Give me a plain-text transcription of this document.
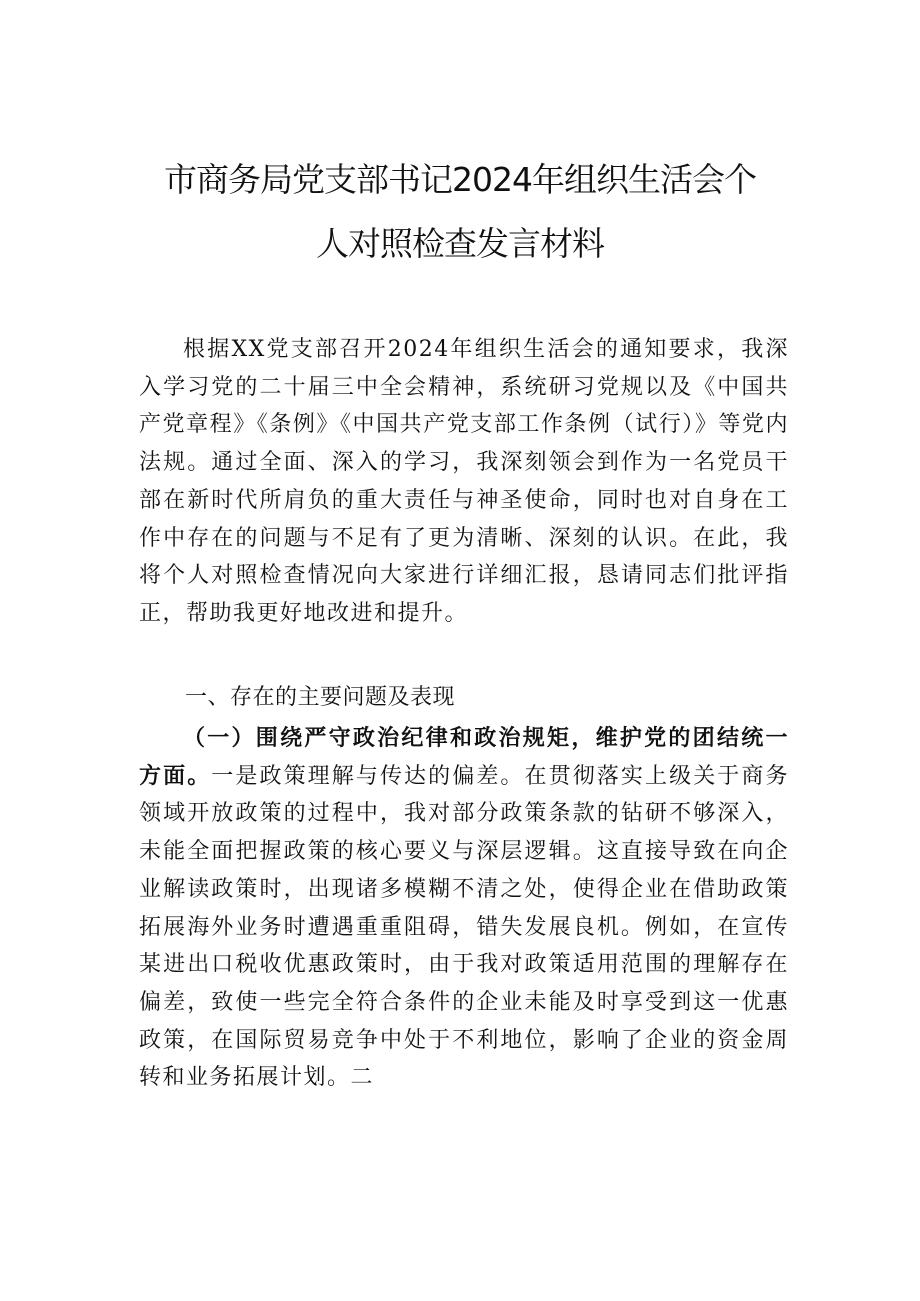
市商务局党支部书记2024年组织生活会个
人对照检查发言材料

根据XX党支部召开2024年组织生活会的通知要求，我深入学习党的二十届三中全会精神，系统研习党规以及《中国共产党章程》《条例》《中国共产党支部工作条例（试行）》等党内法规。通过全面、深入的学习，我深刻领会到作为一名党员干部在新时代所肩负的重大责任与神圣使命，同时也对自身在工作中存在的问题与不足有了更为清晰、深刻的认识。在此，我将个人对照检查情况向大家进行详细汇报，恳请同志们批评指正，帮助我更好地改进和提升。

一、存在的主要问题及表现

（一）围绕严守政治纪律和政治规矩，维护党的团结统一方面。一是政策理解与传达的偏差。在贯彻落实上级关于商务领域开放政策的过程中，我对部分政策条款的钻研不够深入，未能全面把握政策的核心要义与深层逻辑。这直接导致在向企业解读政策时，出现诸多模糊不清之处，使得企业在借助政策拓展海外业务时遭遇重重阻碍，错失发展良机。例如，在宣传某进出口税收优惠政策时，由于我对政策适用范围的理解存在偏差，致使一些完全符合条件的企业未能及时享受到这一优惠政策，在国际贸易竞争中处于不利地位，影响了企业的资金周转和业务拓展计划。二
